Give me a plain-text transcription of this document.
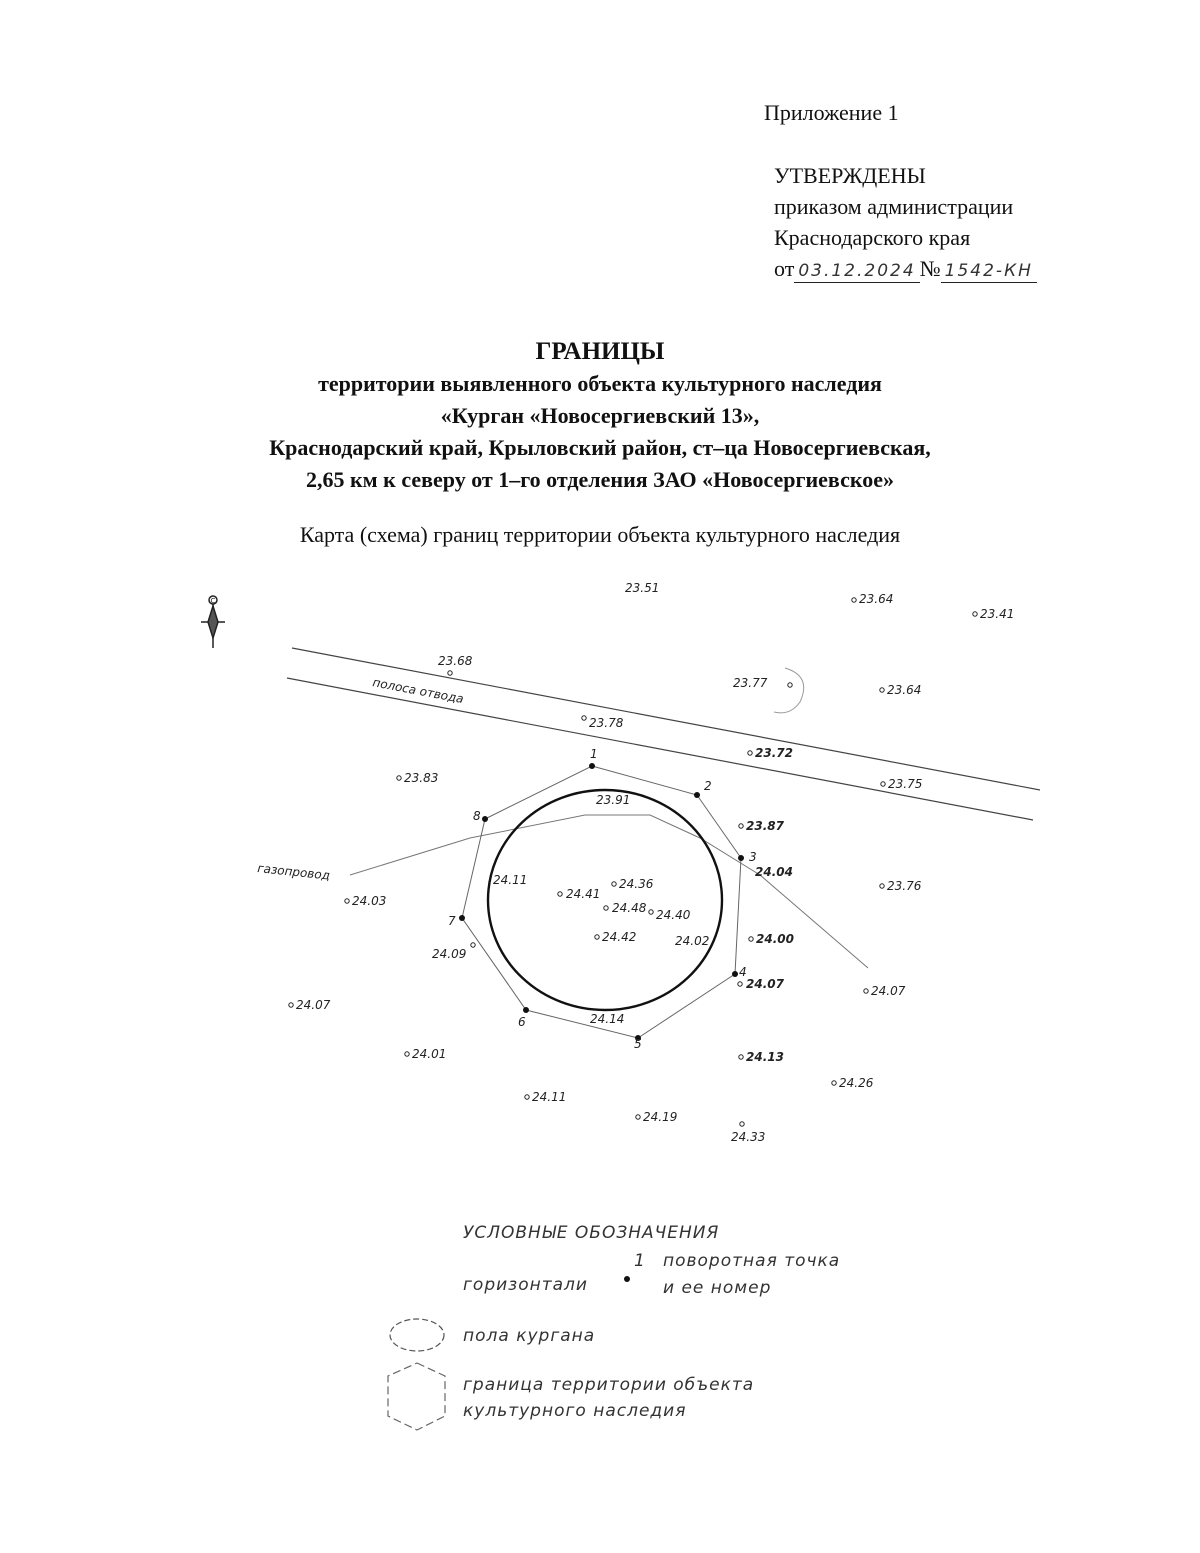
Приложение 1
УТВЕРЖДЕНЫ
приказом администрации
Краснодарского края
от 03.12.2024 № 1542-КН
ГРАНИЦЫ
территории выявленного объекта культурного наследия
«Курган «Новосергиевский 13»,
Краснодарский край, Крыловский район, ст–ца Новосергиевская,
2,65 км к северу от 1–го отделения ЗАО «Новосергиевское»
Карта (схема) границ территории объекта культурного наследия
С
полоса отвода
газопровод
1
2
3
4
5
6
7
8
23.51
23.64
23.41
23.68
23.77	23.64
23.78
23.72
23.83	23.75
23.91
23.87
24.04
24.11	24.36	23.76
24.41
24.03	24.48 24.40
24.42	24.02	24.00
24.09
24.07	24.07
24.07
24.14
24.01	24.13
24.26
24.11
24.19
24.33
УСЛОВНЫЕ ОБОЗНАЧЕНИЯ
1 поворотная точка
и ее номер
горизонтали
пола кургана
граница территории объекта
культурного наследия
